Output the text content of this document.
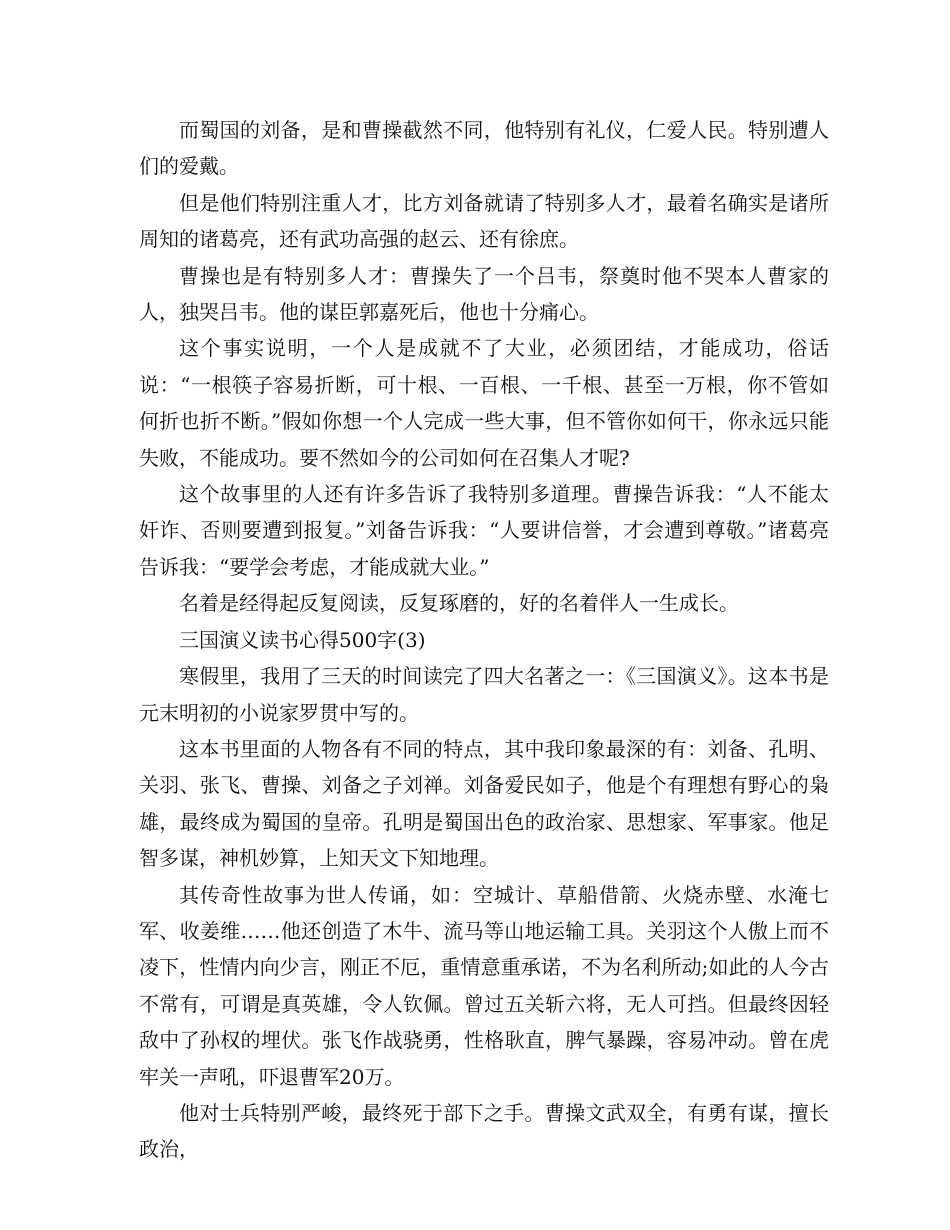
而蜀国的刘备，是和曹操截然不同，他特别有礼仪，仁爱人民。特别遭人们的爱戴。

但是他们特别注重人才，比方刘备就请了特别多人才，最着名确实是诸所周知的诸葛亮，还有武功高强的赵云、还有徐庶。

曹操也是有特别多人才：曹操失了一个吕韦，祭奠时他不哭本人曹家的人，独哭吕韦。他的谋臣郭嘉死后，他也十分痛心。

这个事实说明，一个人是成就不了大业，必须团结，才能成功，俗话说：“一根筷子容易折断，可十根、一百根、一千根、甚至一万根，你不管如何折也折不断。”假如你想一个人完成一些大事，但不管你如何干，你永远只能失败，不能成功。要不然如今的公司如何在召集人才呢?

这个故事里的人还有许多告诉了我特别多道理。曹操告诉我：“人不能太奸诈、否则要遭到报复。”刘备告诉我：“人要讲信誉，才会遭到尊敬。”诸葛亮告诉我：“要学会考虑，才能成就大业。”

名着是经得起反复阅读，反复琢磨的，好的名着伴人一生成长。

三国演义读书心得500字(3)

寒假里，我用了三天的时间读完了四大名著之一：《三国演义》。这本书是元末明初的小说家罗贯中写的。

这本书里面的人物各有不同的特点，其中我印象最深的有：刘备、孔明、关羽、张飞、曹操、刘备之子刘禅。刘备爱民如子，他是个有理想有野心的枭雄，最终成为蜀国的皇帝。孔明是蜀国出色的政治家、思想家、军事家。他足智多谋，神机妙算，上知天文下知地理。

其传奇性故事为世人传诵，如：空城计、草船借箭、火烧赤壁、水淹七军、收姜维……他还创造了木牛、流马等山地运输工具。关羽这个人傲上而不凌下，性情内向少言，刚正不厄，重情意重承诺，不为名利所动;如此的人今古不常有，可谓是真英雄，令人钦佩。曾过五关斩六将，无人可挡。但最终因轻敌中了孙权的埋伏。张飞作战骁勇，性格耿直，脾气暴躁，容易冲动。曾在虎牢关一声吼，吓退曹军20万。

他对士兵特别严峻，最终死于部下之手。曹操文武双全，有勇有谋，擅长政治，
